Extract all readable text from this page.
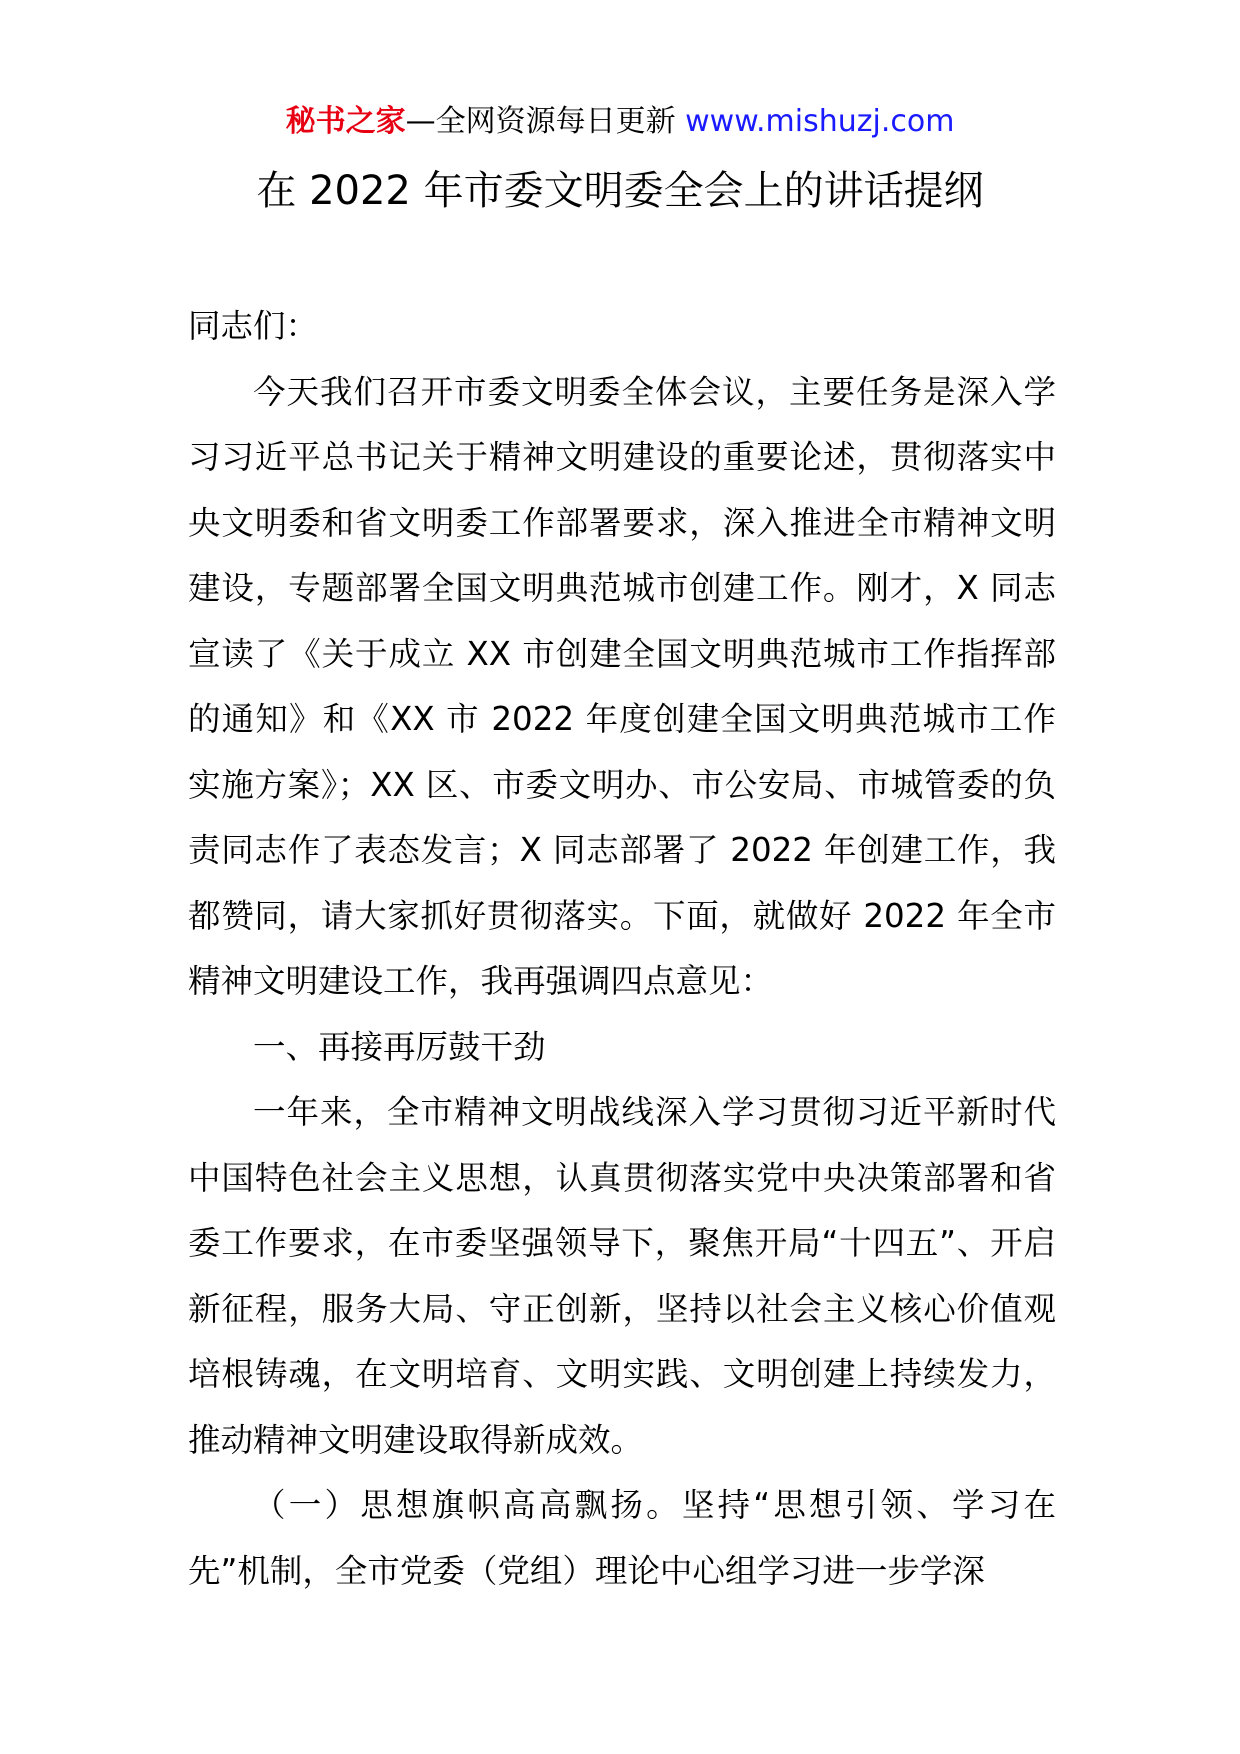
秘书之家—全网资源每日更新 www.mishuzj.com
在 2022 年市委文明委全会上的讲话提纲

同志们：

今天我们召开市委文明委全体会议，主要任务是深入学习习近平总书记关于精神文明建设的重要论述，贯彻落实中央文明委和省文明委工作部署要求，深入推进全市精神文明建设，专题部署全国文明典范城市创建工作。刚才，X 同志宣读了《关于成立 XX 市创建全国文明典范城市工作指挥部的通知》和《XX 市 2022 年度创建全国文明典范城市工作实施方案》；XX 区、市委文明办、市公安局、市城管委的负责同志作了表态发言；X 同志部署了 2022 年创建工作，我都赞同，请大家抓好贯彻落实。下面，就做好 2022 年全市精神文明建设工作，我再强调四点意见：

一、再接再厉鼓干劲

一年来，全市精神文明战线深入学习贯彻习近平新时代中国特色社会主义思想，认真贯彻落实党中央决策部署和省委工作要求，在市委坚强领导下，聚焦开局“十四五”、开启新征程，服务大局、守正创新，坚持以社会主义核心价值观培根铸魂，在文明培育、文明实践、文明创建上持续发力，推动精神文明建设取得新成效。

（一）思想旗帜高高飘扬。坚持“思想引领、学习在先”机制，全市党委（党组）理论中心组学习进一步学深
